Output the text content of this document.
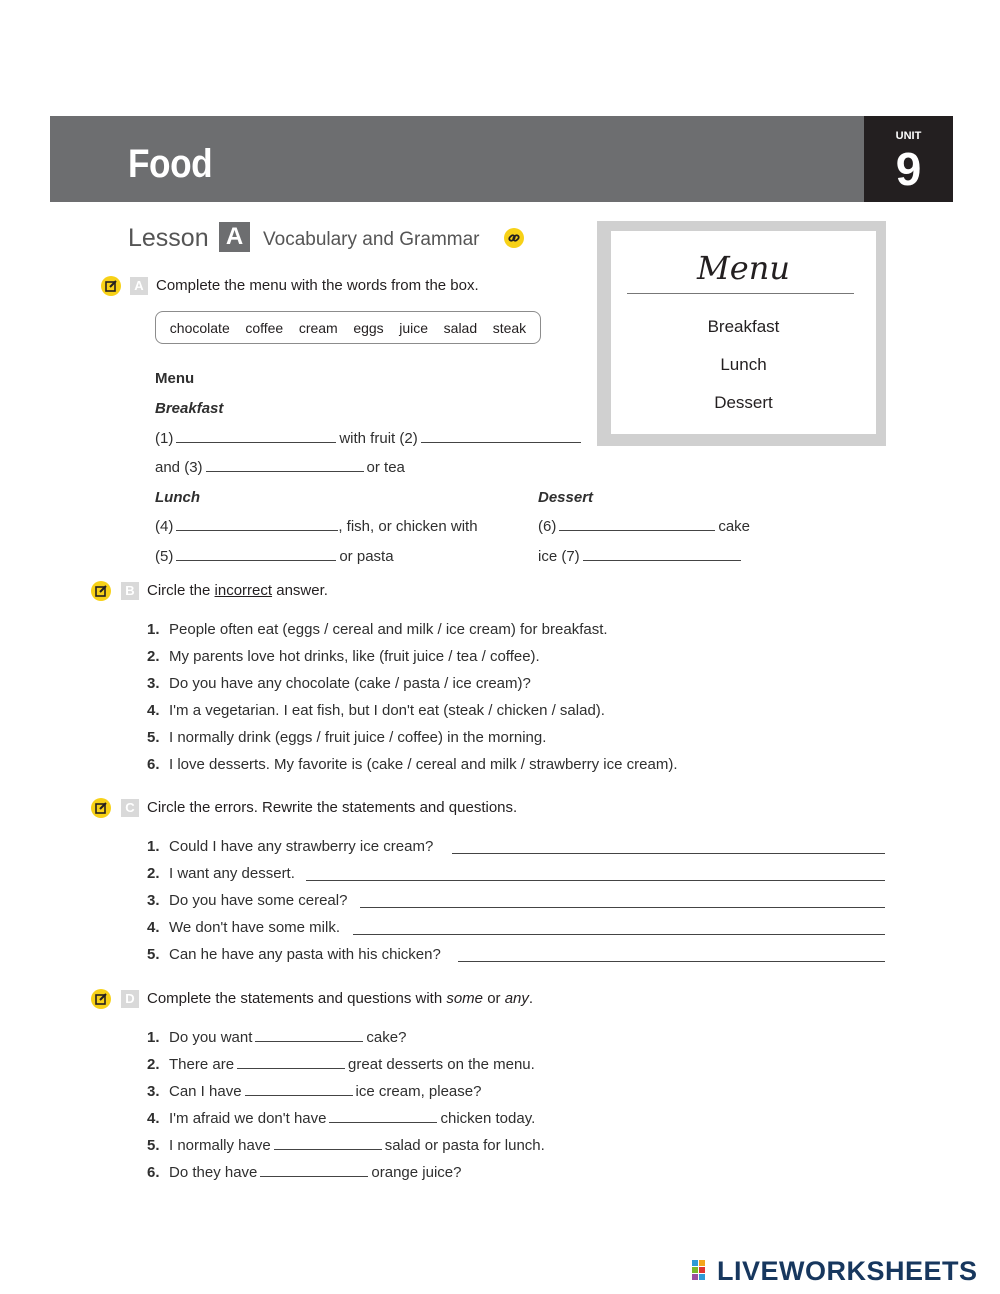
Food
UNIT
9
Lesson A	Vocabulary and Grammar
A Complete the menu with the words from the box.
chocolate coffee cream eggs juice salad steak
Menu
Breakfast
(1)	with fruit (2)
and (3)	or tea
Lunch	Dessert
(4)	, fish, or chicken with
(5)	or pasta
(6)	cake
ice (7)
Menu
Breakfast
Lunch
Dessert
B Circle the incorrect answer.
1. People often eat (eggs / cereal and milk / ice cream) for breakfast.
2. My parents love hot drinks, like (fruit juice / tea / coffee).
3. Do you have any chocolate (cake / pasta / ice cream)?
4. I'm a vegetarian. I eat fish, but I don't eat (steak / chicken / salad).
5. I normally drink (eggs / fruit juice / coffee) in the morning.
6. I love desserts. My favorite is (cake / cereal and milk / strawberry ice cream).
C Circle the errors. Rewrite the statements and questions.
1. Could I have any strawberry ice cream?
2. I want any dessert.
3. Do you have some cereal?
4. We don't have some milk.
5. Can he have any pasta with his chicken?
D Complete the statements and questions with some or any.
1. Do you want	cake?
2. There are	great desserts on the menu.
3. Can I have	ice cream, please?
4. I'm afraid we don't have	chicken today.
5. I normally have	salad or pasta for lunch.
6. Do they have	orange juice?
LIVEWORKSHEETS
